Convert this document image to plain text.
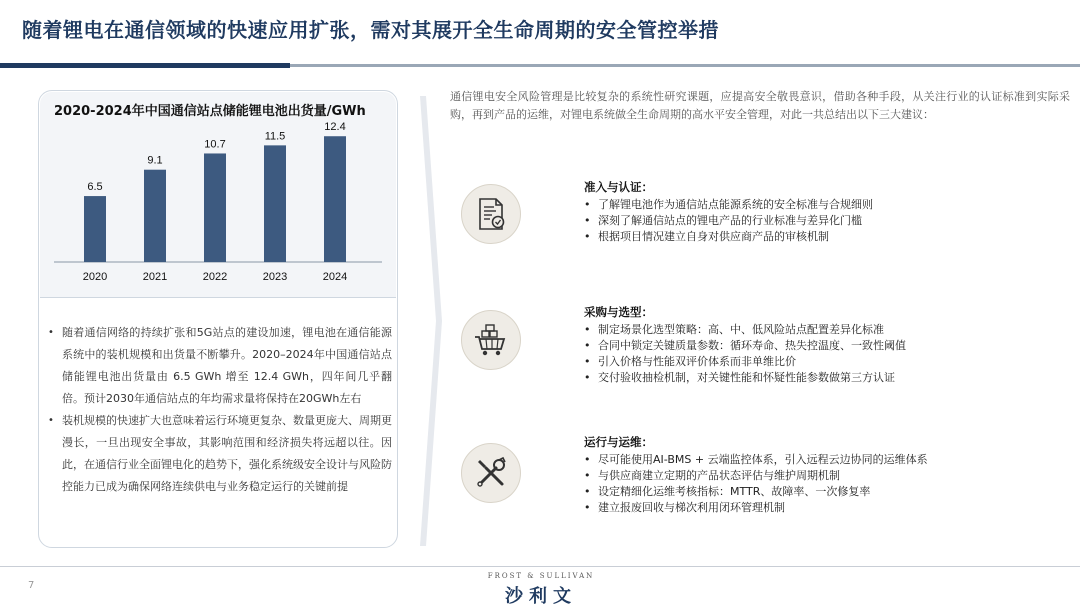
随着锂电在通信领域的快速应用扩张，需对其展开全生命周期的安全管控举措
2020-2024年中国通信站点储能锂电池出货量/GWh
6.5
2020
9.1
2021
10.7
2022
11.5
2023
12.4
2024
• 随着通信网络的持续扩张和5G站点的建设加速，锂电池在通信能源系统中的装机规模和出货量不断攀升。2020–2024年中国通信站点储能锂电池出货量由 6.5 GWh 增至 12.4 GWh，四年间几乎翻倍。预计2030年通信站点的年均需求量将保持在20GWh左右
• 装机规模的快速扩大也意味着运行环境更复杂、数量更庞大、周期更漫长，一旦出现安全事故，其影响范围和经济损失将远超以往。因此，在通信行业全面锂电化的趋势下，强化系统级安全设计与风险防控能力已成为确保网络连续供电与业务稳定运行的关键前提
通信锂电安全风险管理是比较复杂的系统性研究课题，应提高安全敬畏意识，借助各种手段，从关注行业的认证标准到实际采购，再到产品的运维，对锂电系统做全生命周期的高水平安全管理，对此一共总结出以下三大建议：
准入与认证：
• 了解锂电池作为通信站点能源系统的安全标准与合规细则
• 深刻了解通信站点的锂电产品的行业标准与差异化门槛
• 根据项目情况建立自身对供应商产品的审核机制
采购与选型：
• 制定场景化选型策略：高、中、低风险站点配置差异化标准
• 合同中锁定关键质量参数：循环寿命、热失控温度、一致性阈值
• 引入价格与性能双评价体系而非单维比价
• 交付验收抽检机制，对关键性能和怀疑性能参数做第三方认证
运行与运维：
• 尽可能使用AI-BMS + 云端监控体系，引入远程云边协同的运维体系
• 与供应商建立定期的产品状态评估与维护周期机制
• 设定精细化运维考核指标：MTTR、故障率、一次修复率
• 建立报废回收与梯次利用闭环管理机制
7
FROST & SULLIVAN
沙利文
